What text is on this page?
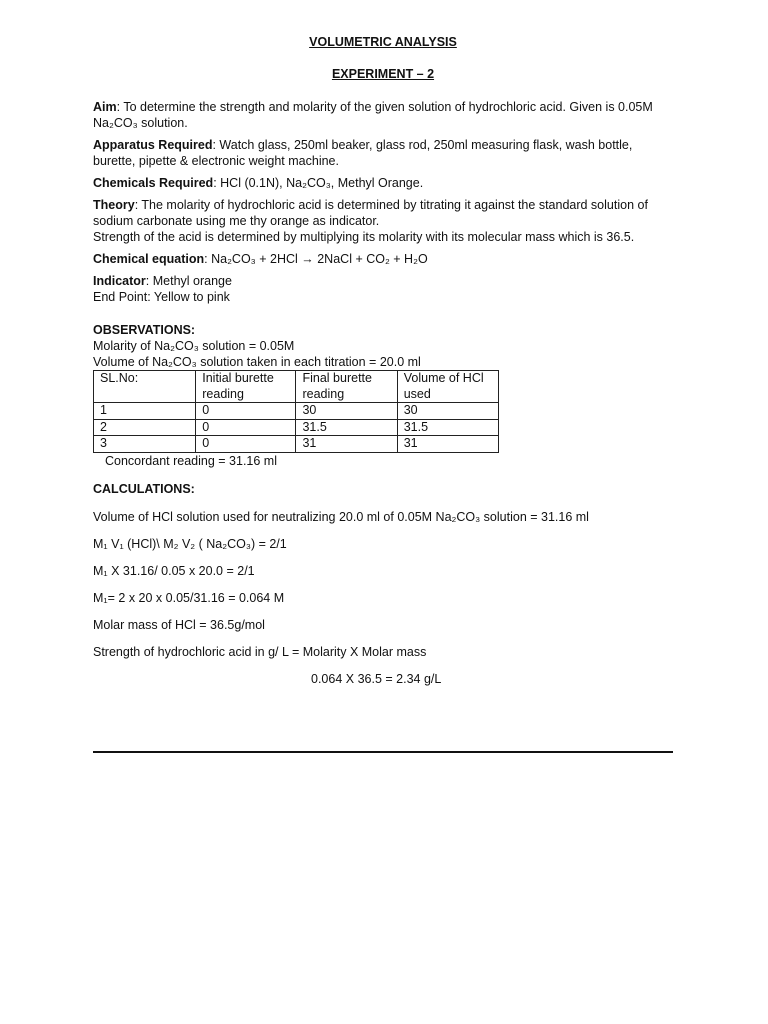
VOLUMETRIC ANALYSIS

EXPERIMENT – 2

Aim: To determine the strength and molarity of the given solution of hydrochloric acid. Given is 0.05M Na₂CO₃ solution.

Apparatus Required: Watch glass, 250ml beaker, glass rod, 250ml measuring flask, wash bottle, burette, pipette & electronic weight machine.

Chemicals Required: HCl (0.1N), Na₂CO₃, Methyl Orange.

Theory: The molarity of hydrochloric acid is determined by titrating it against the standard solution of sodium carbonate using me thy orange as indicator.

Strength of the acid is determined by multiplying its molarity with its molecular mass which is 36.5.

Chemical equation: Na₂CO₃ + 2HCl → 2NaCl + CO₂ + H₂O

Indicator: Methyl orange

End Point: Yellow to pink

OBSERVATIONS:

Molarity of Na₂CO₃ solution = 0.05M

Volume of Na₂CO₃ solution taken in each titration = 20.0 ml

SL.No:	Initial burette reading	Final burette reading	Volume of HCl used
1	0	30	30
2	0	31.5	31.5
3	0	31	31

Concordant reading = 31.16 ml

CALCULATIONS:

Volume of HCl solution used for neutralizing 20.0 ml of 0.05M Na₂CO₃ solution = 31.16 ml

M₁ V₁ (HCl)\ M₂ V₂ ( Na₂CO₃) = 2/1

M₁ X 31.16/ 0.05 x 20.0 = 2/1

M₁= 2 x 20 x 0.05/31.16 = 0.064 M

Molar mass of HCl = 36.5g/mol

Strength of hydrochloric acid in g/ L = Molarity X Molar mass

0.064 X 36.5 = 2.34 g/L
